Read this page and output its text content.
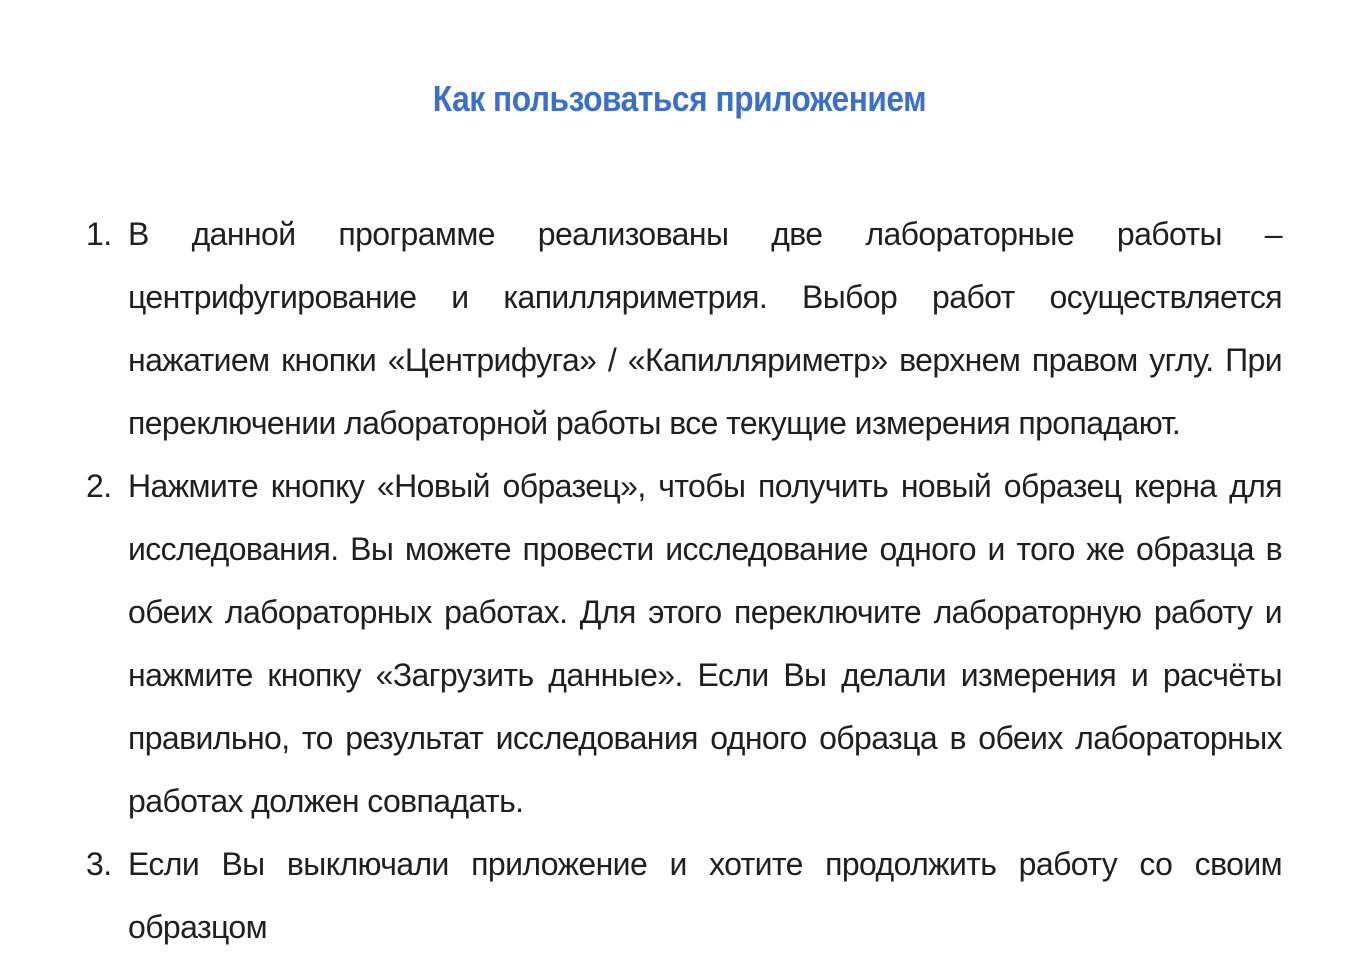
Как пользоваться приложением
1. В данной программе реализованы две лабораторные работы – центрифугирование и капилляриметрия. Выбор работ осуществляется нажатием кнопки «Центрифуга» / «Капилляриметр» верхнем правом углу. При переключении лабораторной работы все текущие измерения пропадают.
2. Нажмите кнопку «Новый образец», чтобы получить новый образец керна для исследования. Вы можете провести исследование одного и того же образца в обеих лабораторных работах. Для этого переключите лабораторную работу и нажмите кнопку «Загрузить данные». Если Вы делали измерения и расчёты правильно, то результат исследования одного образца в обеих лабораторных работах должен совпадать.
3. Если Вы выключали приложение и хотите продолжить работу со своим образцом
